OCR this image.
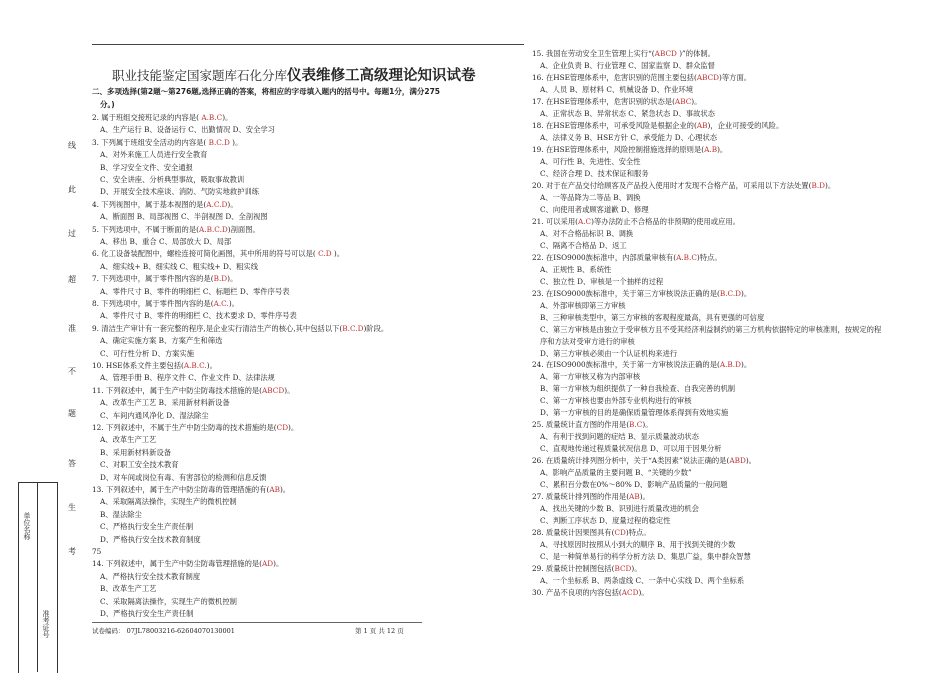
职业技能鉴定国家题库石化分库仪表维修工高级理论知识试卷
二、多项选择(第2题～第276题,选择正确的答案，将相应的字母填入题内的括号中。每题1分，满分275
分。)
线
此
过
超
准
不
题
答
生
考
单位名称
准考证号
2. 属于班组交接班记录的内容是( A.B.C)。
A、生产运行 B、设备运行 C、出勤情况 D、安全学习
3. 下列属于班组安全活动的内容是( B.C.D )。
A、对外来施工人员进行安全教育
B、学习安全文件、安全通报
C、安全讲座、分析典型事故，吸取事故教训
D、开展安全技术座谈、消防、气防实地救护训练
4. 下列视图中，属于基本视图的是(A.C.D)。
A、断面图 B、局部视图 C、半剖视图 D、全剖视图
5. 下列选项中，不属于断面的是(A.B.C.D)剖面图。
A、移出 B、重合 C、局部放大 D、局部
6. 化工设备装配图中，螺栓连接可简化画图，其中所用的符号可以是( C.D )。
A、细实线+ B、细实线 C、粗实线+ D、粗实线
7. 下列选项中，属于零件图内容的是(B.D)。
A、零件尺寸 B、零件的明细栏 C、标题栏 D、零件序号表
8. 下列选项中，属于零件图内容的是(A.C.)。
A、零件尺寸 B、零件的明细栏 C、技术要求 D、零件序号表
9. 清洁生产审计有一套完整的程序,是企业实行清洁生产的核心,其中包括以下(B.C.D)阶段。
A、确定实施方案 B、方案产生和筛选
C、可行性分析 D、方案实施
10. HSE体系文件主要包括(A.B.C.)。
A、管理手册 B、程序文件 C、作业文件 D、法律法规
11. 下列叙述中，属于生产中防尘防毒技术措施的是(ABCD)。
A、改革生产工艺 B、采用新材料新设备
C、车间内通风净化 D、湿法除尘
12. 下列叙述中，不属于生产中防尘防毒的技术措施的是(CD)。
A、改革生产工艺
B、采用新材料新设备
C、对职工安全技术教育
D、对车间或岗位有毒、有害部位的检测和信息反馈
13. 下列叙述中，属于生产中防尘防毒的管理措施的有(AB)。
A、采取隔离法操作，实现生产的微机控制
B、湿法除尘
C、严格执行安全生产责任制
D、严格执行安全技术教育制度
75
14. 下列叙述中，属于生产中防尘防毒管理措施的是(AD)。
A、严格执行安全技术教育制度
B、改革生产工艺
C、采取隔离法操作，实现生产的微机控制
D、严格执行安全生产责任制
15. 我国在劳动安全卫生管理上实行“(ABCD )”的体制。
A、企业负责 B、行业管理 C、国家监察 D、群众监督
16. 在HSE管理体系中，危害识别的范围主要包括(ABCD)等方面。
A、人员 B、原材料 C、机械设备 D、作业环境
17. 在HSE管理体系中，危害识别的状态是(ABC)。
A、正常状态 B、异常状态 C、紧急状态 D、事故状态
18. 在HSE管理体系中，可承受风险是根据企业的(AB)，企业可接受的风险。
A、法律义务 B、HSE方针 C、承受能力 D、心理状态
19. 在HSE管理体系中，风险控制措施选择的原则是(A.B)。
A、可行性 B、先进性、安全性
C、经济合理 D、技术保证和服务
20. 对于在产品交付给顾客及产品投入使用时才发现不合格产品，可采用以下方法处置(B.D)。
A、一等品降为二等品 B、调换
C、向使用者或顾客道歉 D、修理
21. 可以采用(A.C)等办法防止不合格品的非预期的使用或应用。
A、对不合格品标识 B、调换
C、隔离不合格品 D、返工
22. 在ISO9000族标准中，内部质量审核有(A.B.C)特点。
A、正规性 B、系统性
C、独立性 D、审核是一个抽样的过程
23. 在ISO9000族标准中，关于第三方审核说法正确的是(B.C.D)。
A、外部审核即第三方审核
B、三种审核类型中，第三方审核的客观程度最高，具有更强的可信度
C、第三方审核是由独立于受审核方且不受其经济利益制约的第三方机构依据特定的审核准则，按规定的程
序和方法对受审方进行的审核
D、第三方审核必须由一个认证机构来进行
24. 在ISO9000族标准中，关于第一方审核说法正确的是(A.B.D)。
A、第一方审核又称为内部审核
B、第一方审核为组织提供了一种自我检查、自我完善的机制
C、第一方审核也要由外部专业机构进行的审核
D、第一方审核的目的是确保质量管理体系得到有效地实施
25. 质量统计直方图的作用是(B.C)。
A、有利于找到问题的症结 B、显示质量波动状态
C、直观地传递过程质量状况信息 D、可以用于因果分析
26. 在质量统计排列图分析中，关于“A类因素”说法正确的是(ABD)。
A、影响产品质量的主要问题 B、“关键的少数”
C、累积百分数在0%～80% D、影响产品质量的一般问题
27. 质量统计排列图的作用是(AB)。
A、找出关键的少数 B、识别进行质量改进的机会
C、判断工序状态 D、度量过程的稳定性
28. 质量统计因果图具有(CD)特点。
A、寻找原因时按照从小到大的顺序 B、用于找到关键的少数
C、是一种简单易行的科学分析方法 D、集思广益，集中群众智慧
29. 质量统计控制图包括(BCD)。
A、一个坐标系 B、两条虚线 C、一条中心实线 D、两个坐标系
30. 产品不良项的内容包括(ACD)。
试卷编码： 07JL78003216-62604070130001	第 1 页 共 12 页
